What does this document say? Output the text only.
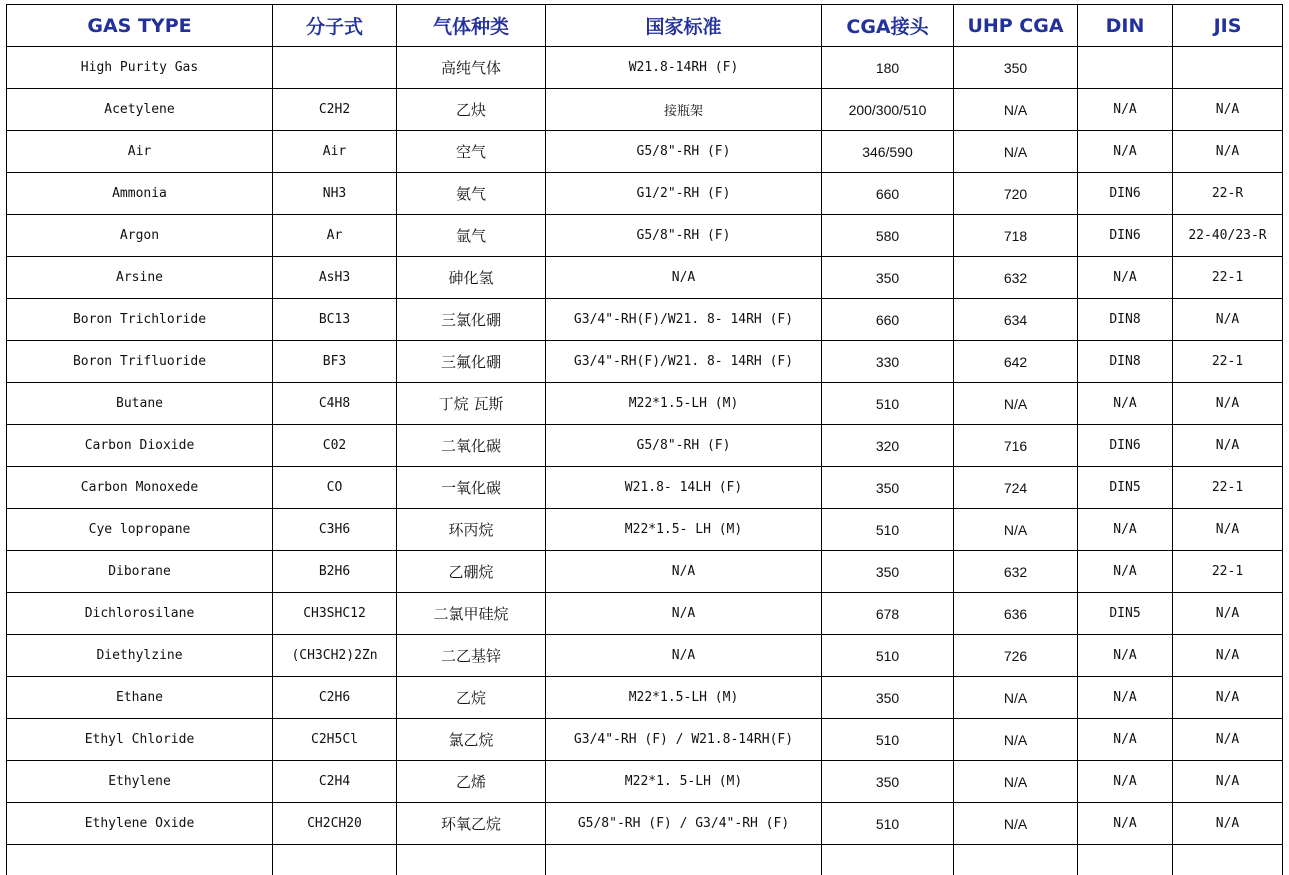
GAS TYPE	分子式	气体种类	国家标准	CGA接头	UHP CGA	DIN	JIS
High Purity Gas		高纯气体	W21.8-14RH (F)	180	350		
Acetylene	C2H2	乙炔	接瓶架	200/300/510	N/A	N/A	N/A
Air	Air	空气	G5/8"-RH (F)	346/590	N/A	N/A	N/A
Ammonia	NH3	氨气	G1/2"-RH (F)	660	720	DIN6	22-R
Argon	Ar	氩气	G5/8"-RH (F)	580	718	DIN6	22-40/23-R
Arsine	AsH3	砷化氢	N/A	350	632	N/A	22-1
Boron Trichloride	BC13	三氯化硼	G3/4"-RH(F)/W21. 8- 14RH (F)	660	634	DIN8	N/A
Boron Trifluoride	BF3	三氟化硼	G3/4"-RH(F)/W21. 8- 14RH (F)	330	642	DIN8	22-1
Butane	C4H8	丁烷 瓦斯	M22*1.5-LH (M)	510	N/A	N/A	N/A
Carbon Dioxide	C02	二氧化碳	G5/8"-RH (F)	320	716	DIN6	N/A
Carbon Monoxede	CO	一氧化碳	W21.8- 14LH (F)	350	724	DIN5	22-1
Cye lopropane	C3H6	环丙烷	M22*1.5- LH (M)	510	N/A	N/A	N/A
Diborane	B2H6	乙硼烷	N/A	350	632	N/A	22-1
Dichlorosilane	CH3SHC12	二氯甲硅烷	N/A	678	636	DIN5	N/A
Diethylzine	(CH3CH2)2Zn	二乙基锌	N/A	510	726	N/A	N/A
Ethane	C2H6	乙烷	M22*1.5-LH (M)	350	N/A	N/A	N/A
Ethyl Chloride	C2H5Cl	氯乙烷	G3/4"-RH (F) / W21.8-14RH(F)	510	N/A	N/A	N/A
Ethylene	C2H4	乙烯	M22*1. 5-LH (M)	350	N/A	N/A	N/A
Ethylene Oxide	CH2CH20	环氧乙烷	G5/8"-RH (F) / G3/4"-RH (F)	510	N/A	N/A	N/A
